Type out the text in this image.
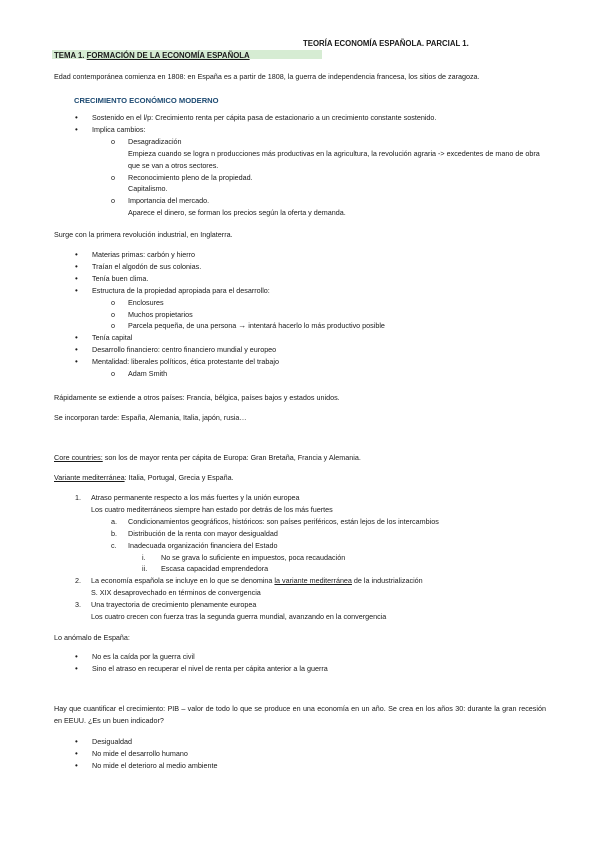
TEORÍA ECONOMÍA ESPAÑOLA. PARCIAL 1.
TEMA 1. FORMACIÓN DE LA ECONOMÍA ESPAÑOLA
Edad contemporánea comienza en 1808: en España es a partir de 1808, la guerra de independencia francesa, los sitios de zaragoza.
CRECIMIENTO ECONÓMICO MODERNO
• Sostenido en el l/p: Crecimiento renta per cápita pasa de estacionario a un crecimiento constante sostenido.
• Implica cambios:
o Desagradización
Empieza cuando se logra n producciones más productivas en la agricultura, la revolución agraria -> excedentes de mano de obra que se van a otros sectores.
o Reconocimiento pleno de la propiedad.
Capitalismo.
o Importancia del mercado.
Aparece el dinero, se forman los precios según la oferta y demanda.
Surge con la primera revolución industrial, en Inglaterra.
• Materias primas: carbón y hierro
• Traían el algodón de sus colonias.
• Tenía buen clima.
• Estructura de la propiedad apropiada para el desarrollo:
o Enclosures
o Muchos propietarios
o Parcela pequeña, de una persona → intentará hacerlo lo más productivo posible
• Tenía capital
• Desarrollo financiero: centro financiero mundial y europeo
• Mentalidad: liberales políticos, ética protestante del trabajo
o Adam Smith
Rápidamente se extiende a otros países: Francia, bélgica, países bajos y estados unidos.
Se incorporan tarde: España, Alemania, Italia, japón, rusia…
Core countries: son los de mayor renta per cápita de Europa: Gran Bretaña, Francia y Alemania.
Variante mediterránea: Italia, Portugal, Grecia y España.
1. Atraso permanente respecto a los más fuertes y la unión europea
Los cuatro mediterráneos siempre han estado por detrás de los más fuertes
a. Condicionamientos geográficos, históricos: son países periféricos, están lejos de los intercambios
b. Distribución de la renta con mayor desigualdad
c. Inadecuada organización financiera del Estado
i. No se grava lo suficiente en impuestos, poca recaudación
ii. Escasa capacidad emprendedora
2. La economía española se incluye en lo que se denomina la variante mediterránea de la industrialización
S. XIX desaprovechado en términos de convergencia
3. Una trayectoria de crecimiento plenamente europea
Los cuatro crecen con fuerza tras la segunda guerra mundial, avanzando en la convergencia
Lo anómalo de España:
• No es la caída por la guerra civil
• Sino el atraso en recuperar el nivel de renta per cápita anterior a la guerra
Hay que cuantificar el crecimiento: PIB – valor de todo lo que se produce en una economía en un año. Se crea en los años 30: durante la gran recesión en EEUU. ¿Es un buen indicador?
• Desigualdad
• No mide el desarrollo humano
• No mide el deterioro al medio ambiente
